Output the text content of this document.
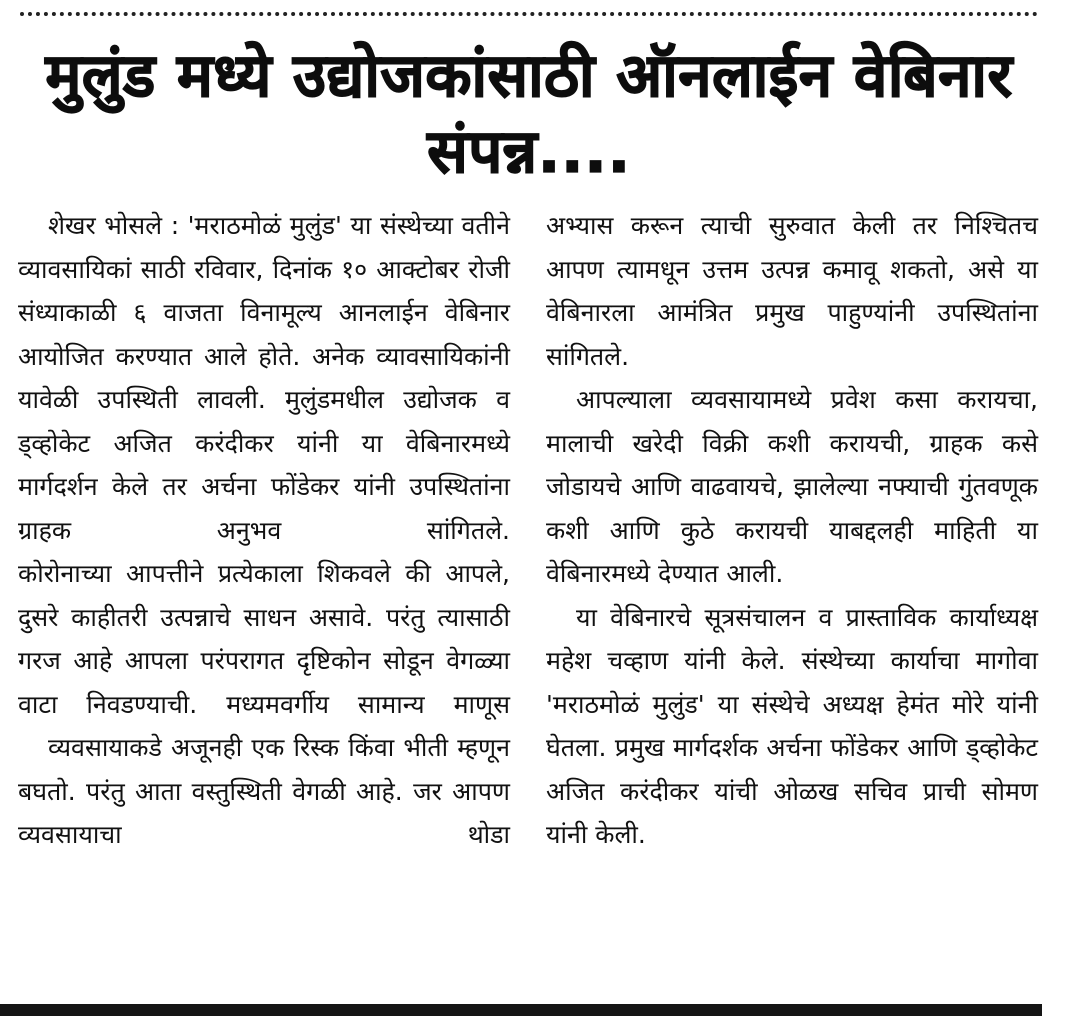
मुलुंड मध्ये उद्योजकांसाठी ऑनलाईन वेबिनार संपन्न....

शेखर भोसले : 'मराठमोळं मुलुंड' या संस्थेच्या वतीने व्यावसायिकां साठी रविवार, दिनांक १० आक्टोबर रोजी संध्याकाळी ६ वाजता विनामूल्य आनलाईन वेबिनार आयोजित करण्यात आले होते. अनेक व्यावसायिकांनी यावेळी उपस्थिती लावली. मुलुंडमधील उद्योजक व ड्व्होकेट अजित करंदीकर यांनी या वेबिनारमध्ये मार्गदर्शन केले तर अर्चना फोंडेकर यांनी उपस्थितांना ग्राहक अनुभव सांगितले.

कोरोनाच्या आपत्तीने प्रत्येकाला शिकवले की आपले, दुसरे काहीतरी उत्पन्नाचे साधन असावे. परंतु त्यासाठी गरज आहे आपला परंपरागत दृष्टिकोन सोडून वेगळ्या वाटा निवडण्याची. मध्यमवर्गीय सामान्य माणूस

व्यवसायाकडे अजूनही एक रिस्क किंवा भीती म्हणून बघतो. परंतु आता वस्तुस्थिती वेगळी आहे. जर आपण व्यवसायाचा थोडा

अभ्यास करून त्याची सुरुवात केली तर निश्चितच आपण त्यामधून उत्तम उत्पन्न कमावू शकतो, असे या वेबिनारला आमंत्रित प्रमुख पाहुण्यांनी उपस्थितांना सांगितले.

आपल्याला व्यवसायामध्ये प्रवेश कसा करायचा, मालाची खरेदी विक्री कशी करायची, ग्राहक कसे जोडायचे आणि वाढवायचे, झालेल्या नफ्याची गुंतवणूक कशी आणि कुठे करायची याबद्दलही माहिती या वेबिनारमध्ये देण्यात आली.

या वेबिनारचे सूत्रसंचालन व प्रास्ताविक कार्याध्यक्ष महेश चव्हाण यांनी केले. संस्थेच्या कार्याचा मागोवा 'मराठमोळं मुलुंड' या संस्थेचे अध्यक्ष हेमंत मोरे यांनी घेतला. प्रमुख मार्गदर्शक अर्चना फोंडेकर आणि ड्व्होकेट अजित करंदीकर यांची ओळख सचिव प्राची सोमण यांनी केली.
